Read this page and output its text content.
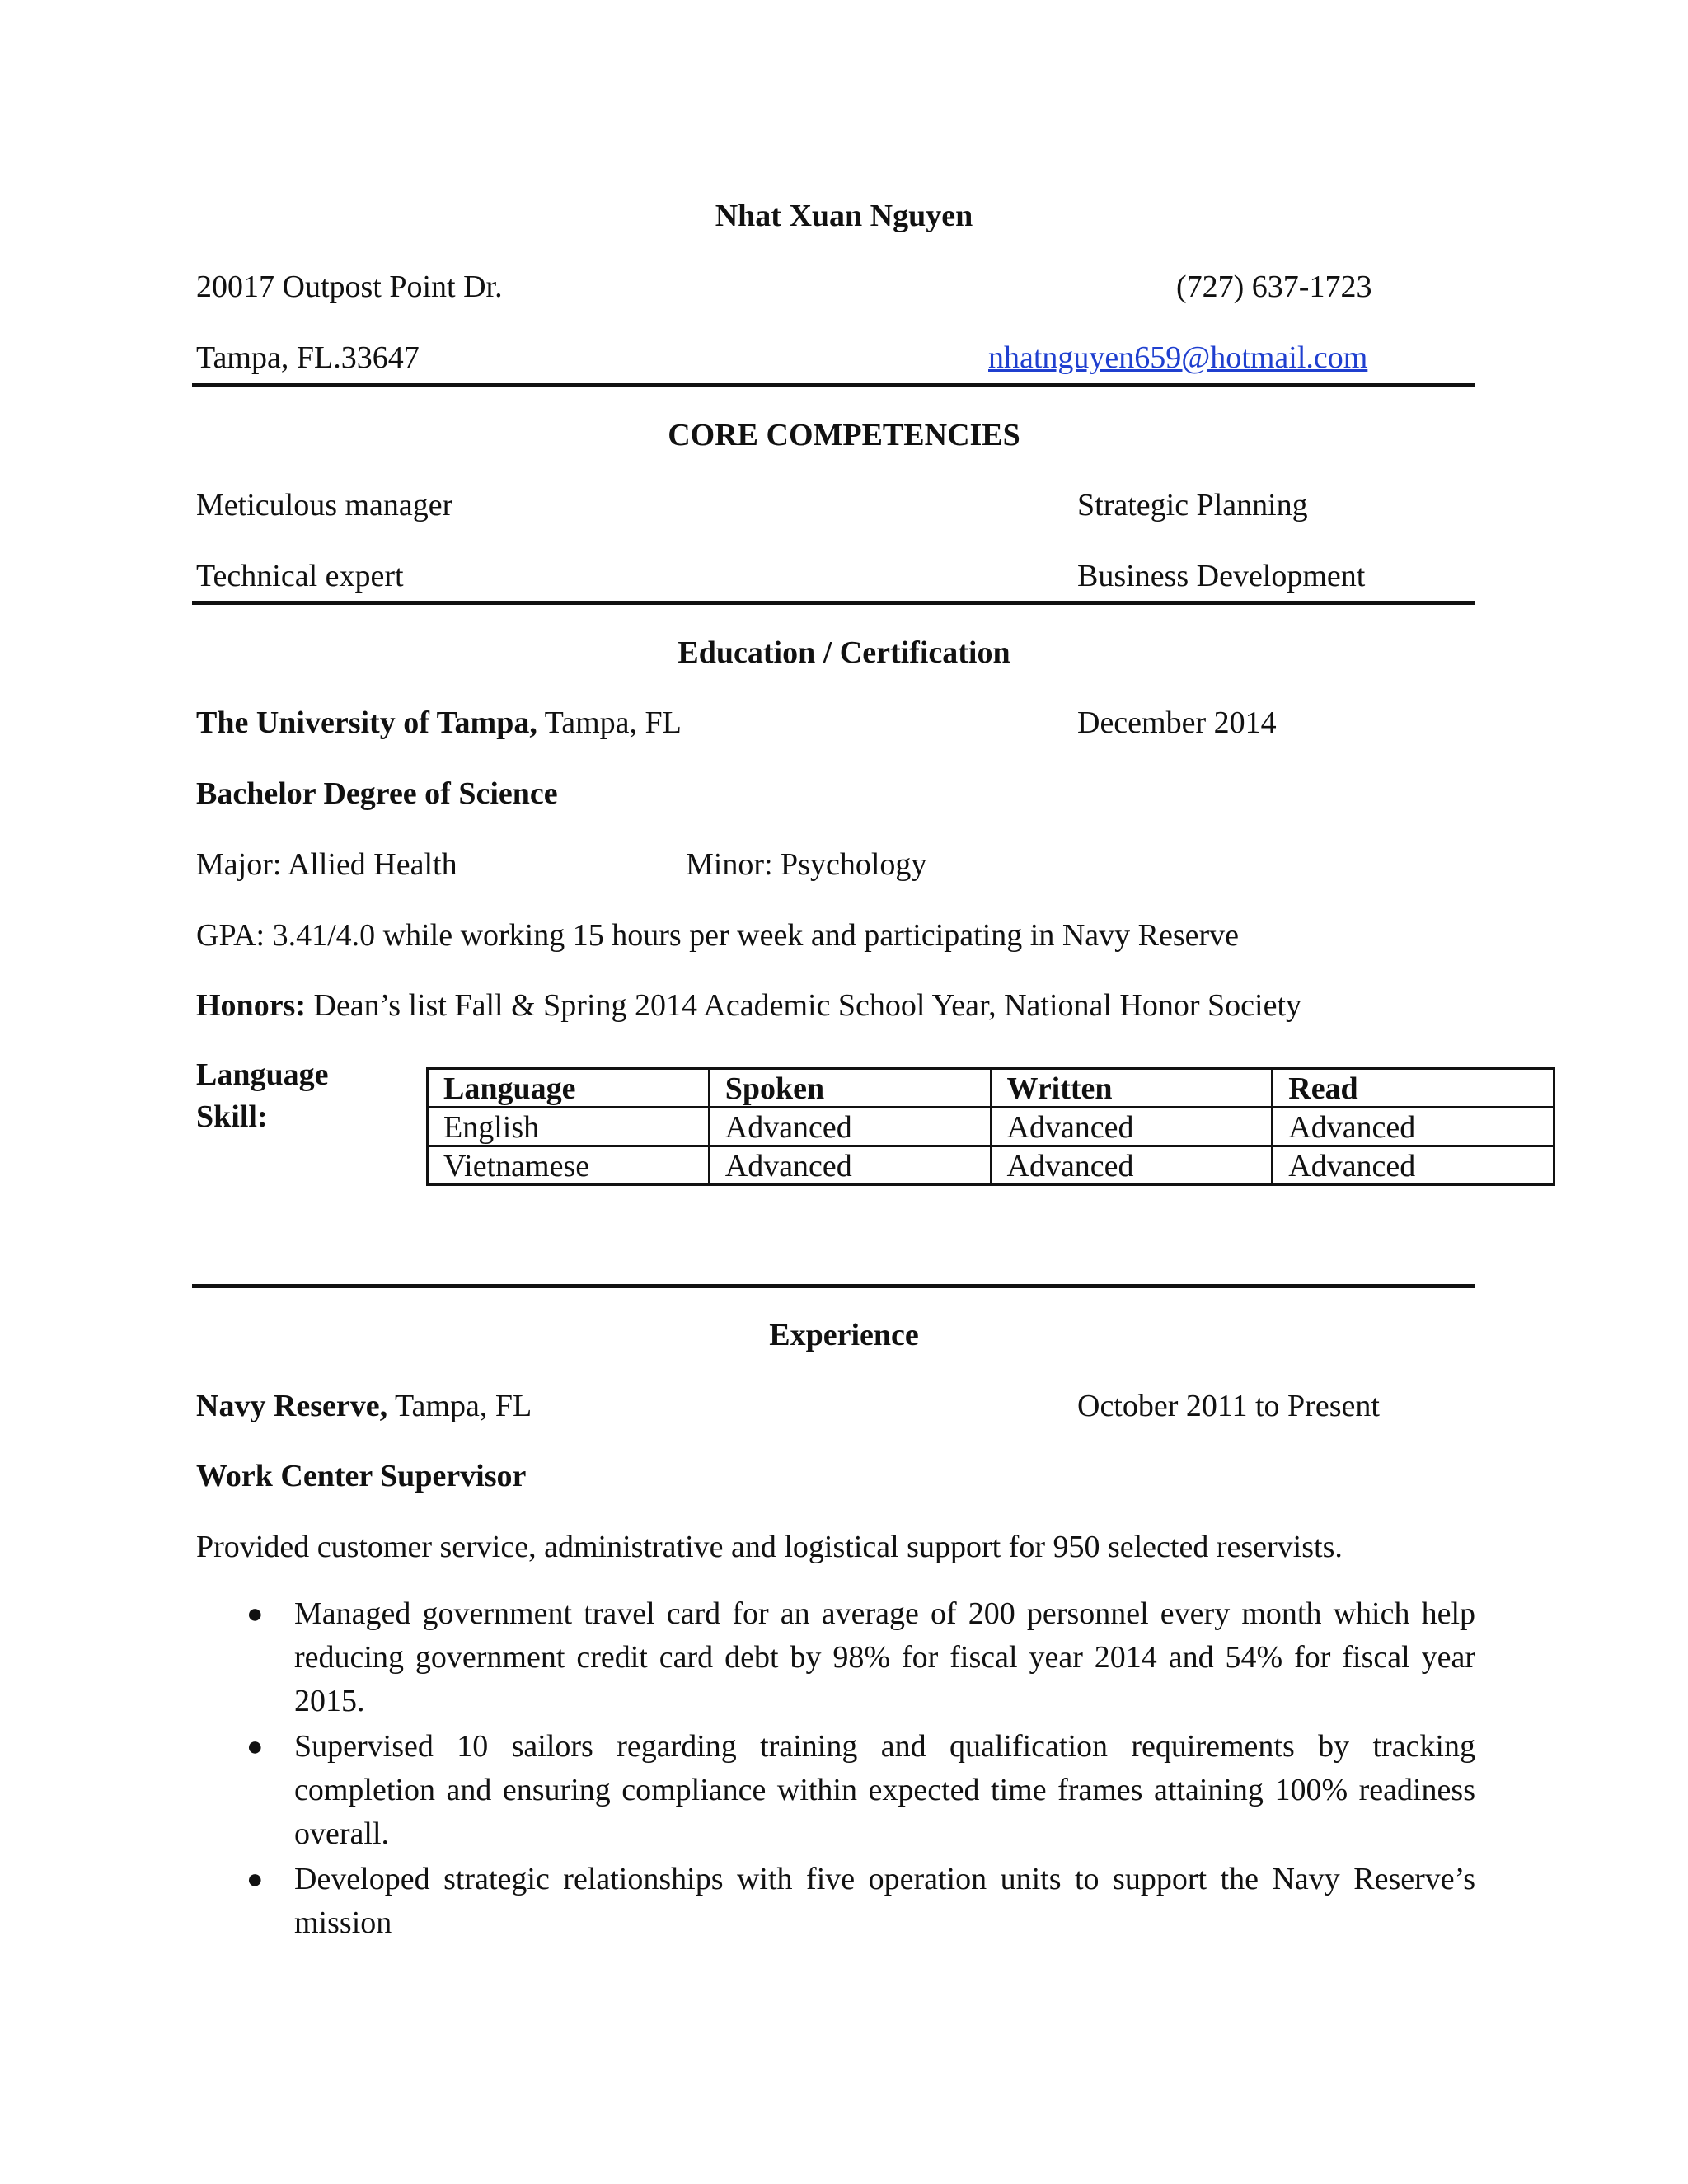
Nhat Xuan Nguyen
20017 Outpost Point Dr.	(727) 637-1723
Tampa, FL.33647	nhatnguyen659@hotmail.com
CORE COMPETENCIES
Meticulous manager	Strategic Planning
Technical expert	Business Development
Education / Certification
The University of Tampa, Tampa, FL	December 2014
Bachelor Degree of Science
Major: Allied Health	Minor: Psychology
GPA: 3.41/4.0 while working 15 hours per week and participating in Navy Reserve
Honors: Dean’s list Fall & Spring 2014 Academic School Year, National Honor Society
Language
Skill:
Language	Spoken	Written	Read
English	Advanced	Advanced	Advanced
Vietnamese	Advanced	Advanced	Advanced
Experience
Navy Reserve, Tampa, FL	October 2011 to Present
Work Center Supervisor
Provided customer service, administrative and logistical support for 950 selected reservists.
● Managed government travel card for an average of 200 personnel every month which help reducing government credit card debt by 98% for fiscal year 2014 and 54% for fiscal year 2015.
● Supervised 10 sailors regarding training and qualification requirements by tracking completion and ensuring compliance within expected time frames attaining 100% readiness overall.
● Developed strategic relationships with five operation units to support the Navy Reserve’s mission
